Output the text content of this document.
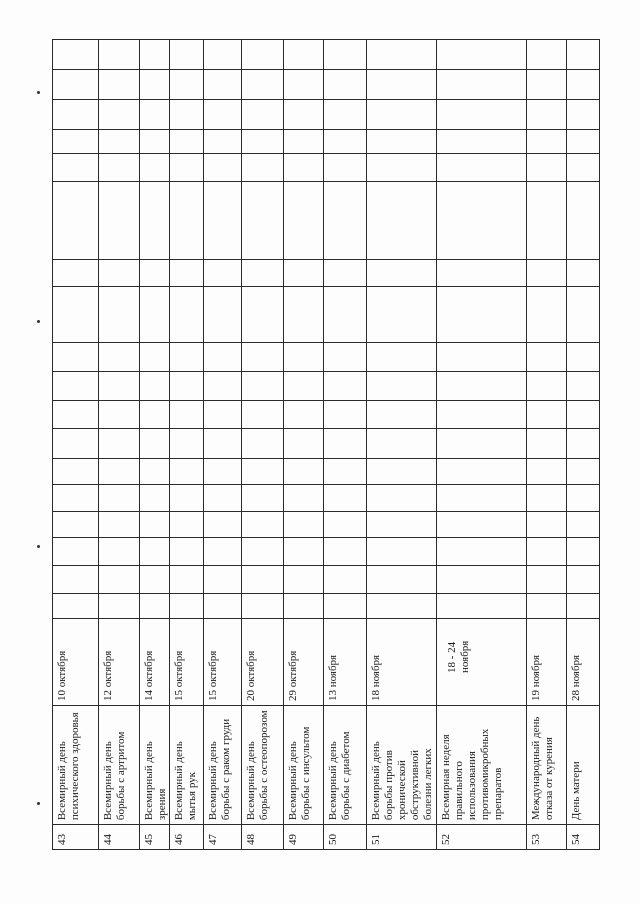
43	Всемирный день психического здоровья	10 октября																		
44	Всемирный день борьбы с артритом	12 октября																		
45	Всемирный день зрения	14 октября																		
46	Всемирный день мытья рук	15 октября																		
47	Всемирный день борьбы с раком груди	15 октября																		
48	Всемирный день борьбы с остеопорозом	20 октября																		
49	Всемирный день борьбы с инсультом	29 октября																		
50	Всемирный день борьбы с диабетом	13 ноября																		
51	Всемирный день борьбы против хронической обструктивной болезни легких	18 ноября																		
52	Всемирная неделя правильного использования противомикробных препаратов	18 - 24 ноября																		

53	Международный день отказа от курения	19 ноября																		
54	День матери	28 ноября																		
